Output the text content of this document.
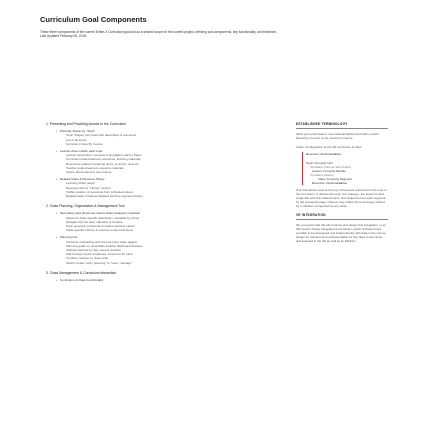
Curriculum Goal Components
These three components of the current Entire-X Curriculum goal act as a shared scope for the current project, defining sub-components, key functionality, and timelines. Last Updated February 06, 2018.
1. Presenting and Providing Access to the Curriculum
• Primarily shown by "Topic"
Topic "Pages" per panel with description & resources
List of all topics
Curriculum View By Course
• Learner-driven within each topic
Learner description, overview & emphasis Learner Panel
Curriculum based learners resources, learning materials
Resources related to learning items, inventory view etc.
Teacher guided learners resource materials
Topics where learners can explore
• Related Video & Resource Player
Learning Video player
Resource lists of "Library" section
Visible position of resources from individual videos
Related tasks of learner Related learning segment design
2. Class Planning, Organization & Management Tool
• Secondary view shown as custom class created by educator
Allows for class specific description, viewable by cohort
Navigated by list view, calendar or timeline
Topic progress (customized timeline sections views)
Class-specific Library & resource content list items
• Planning tool
Instructor onboarding with the tool (intro video pages)
Planning guide on accessible intuitive dashboard features
Settings planned by day, week & duration
Add & select topics & features, resources for each
Combine reviews on class units
Switch modes "edit / planning" to "view / manage"
3. Class Management & Curriculum Interaction
• Curriculum & Class Functionality
ESTABLISHED TERMINOLOGY
Allow group discussion, new ideas Establish and refine current hierarchy of terms, to be used from course.
Class: Configuration of the VE curriculum & class
Resource: Downloadables
Topic: Formerly Unit
(Contains Units as Sub-Topics)
Lesson: Formerly Module
(Contains Videos)
Video: Formerly Segment
Resource: Downloadables
One that will be used at the top of the levels presented to the user in the curriculum. It defines the topic, the category; the topics for that single title with the related topics, and sequenced for each segment by the presented page. Options may reflect the terminology offered by it, whether recognized as any class.
VE INTEGRATION
We recognize that VE will continue and design this integration, is an API (Learn Today) Integrated & Curriculum, Each of these future possible to be developed and independently with data in the course design for relevant and understandable for the class components and selected in the VE as well as its Platform.
